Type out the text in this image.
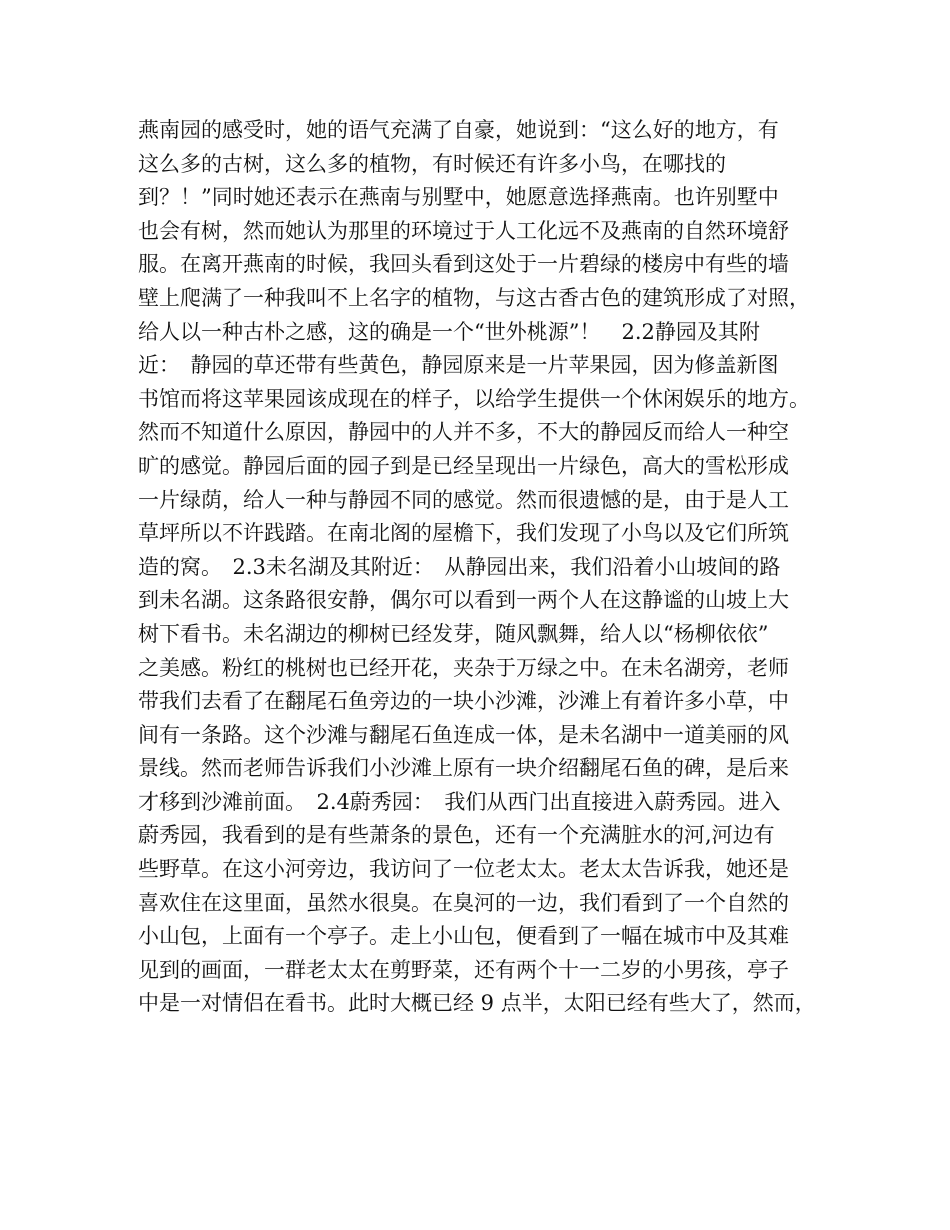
燕南园的感受时，她的语气充满了自豪，她说到：“这么好的地方，有
这么多的古树，这么多的植物，有时候还有许多小鸟，在哪找的
到？！”同时她还表示在燕南与别墅中，她愿意选择燕南。也许别墅中
也会有树，然而她认为那里的环境过于人工化远不及燕南的自然环境舒
服。在离开燕南的时候，我回头看到这处于一片碧绿的楼房中有些的墙
壁上爬满了一种我叫不上名字的植物，与这古香古色的建筑形成了对照，
给人以一种古朴之感，这的确是一个“世外桃源”！　2.2静园及其附
近：　静园的草还带有些黄色，静园原来是一片苹果园，因为修盖新图
书馆而将这苹果园该成现在的样子，以给学生提供一个休闲娱乐的地方。
然而不知道什么原因，静园中的人并不多，不大的静园反而给人一种空
旷的感觉。静园后面的园子到是已经呈现出一片绿色，高大的雪松形成
一片绿荫，给人一种与静园不同的感觉。然而很遗憾的是，由于是人工
草坪所以不许践踏。在南北阁的屋檐下，我们发现了小鸟以及它们所筑
造的窝。　2.3未名湖及其附近：　从静园出来，我们沿着小山坡间的路
到未名湖。这条路很安静，偶尔可以看到一两个人在这静谧的山坡上大
树下看书。未名湖边的柳树已经发芽，随风飘舞，给人以“杨柳依依”
之美感。粉红的桃树也已经开花，夹杂于万绿之中。在未名湖旁，老师
带我们去看了在翻尾石鱼旁边的一块小沙滩，沙滩上有着许多小草，中
间有一条路。这个沙滩与翻尾石鱼连成一体，是未名湖中一道美丽的风
景线。然而老师告诉我们小沙滩上原有一块介绍翻尾石鱼的碑，是后来
才移到沙滩前面。　2.4蔚秀园：　我们从西门出直接进入蔚秀园。进入
蔚秀园，我看到的是有些萧条的景色，还有一个充满脏水的河,河边有
些野草。在这小河旁边，我访问了一位老太太。老太太告诉我，她还是
喜欢住在这里面，虽然水很臭。在臭河的一边，我们看到了一个自然的
小山包，上面有一个亭子。走上小山包，便看到了一幅在城市中及其难
见到的画面，一群老太太在剪野菜，还有两个十一二岁的小男孩，亭子
中是一对情侣在看书。此时大概已经 9 点半，太阳已经有些大了，然而，
